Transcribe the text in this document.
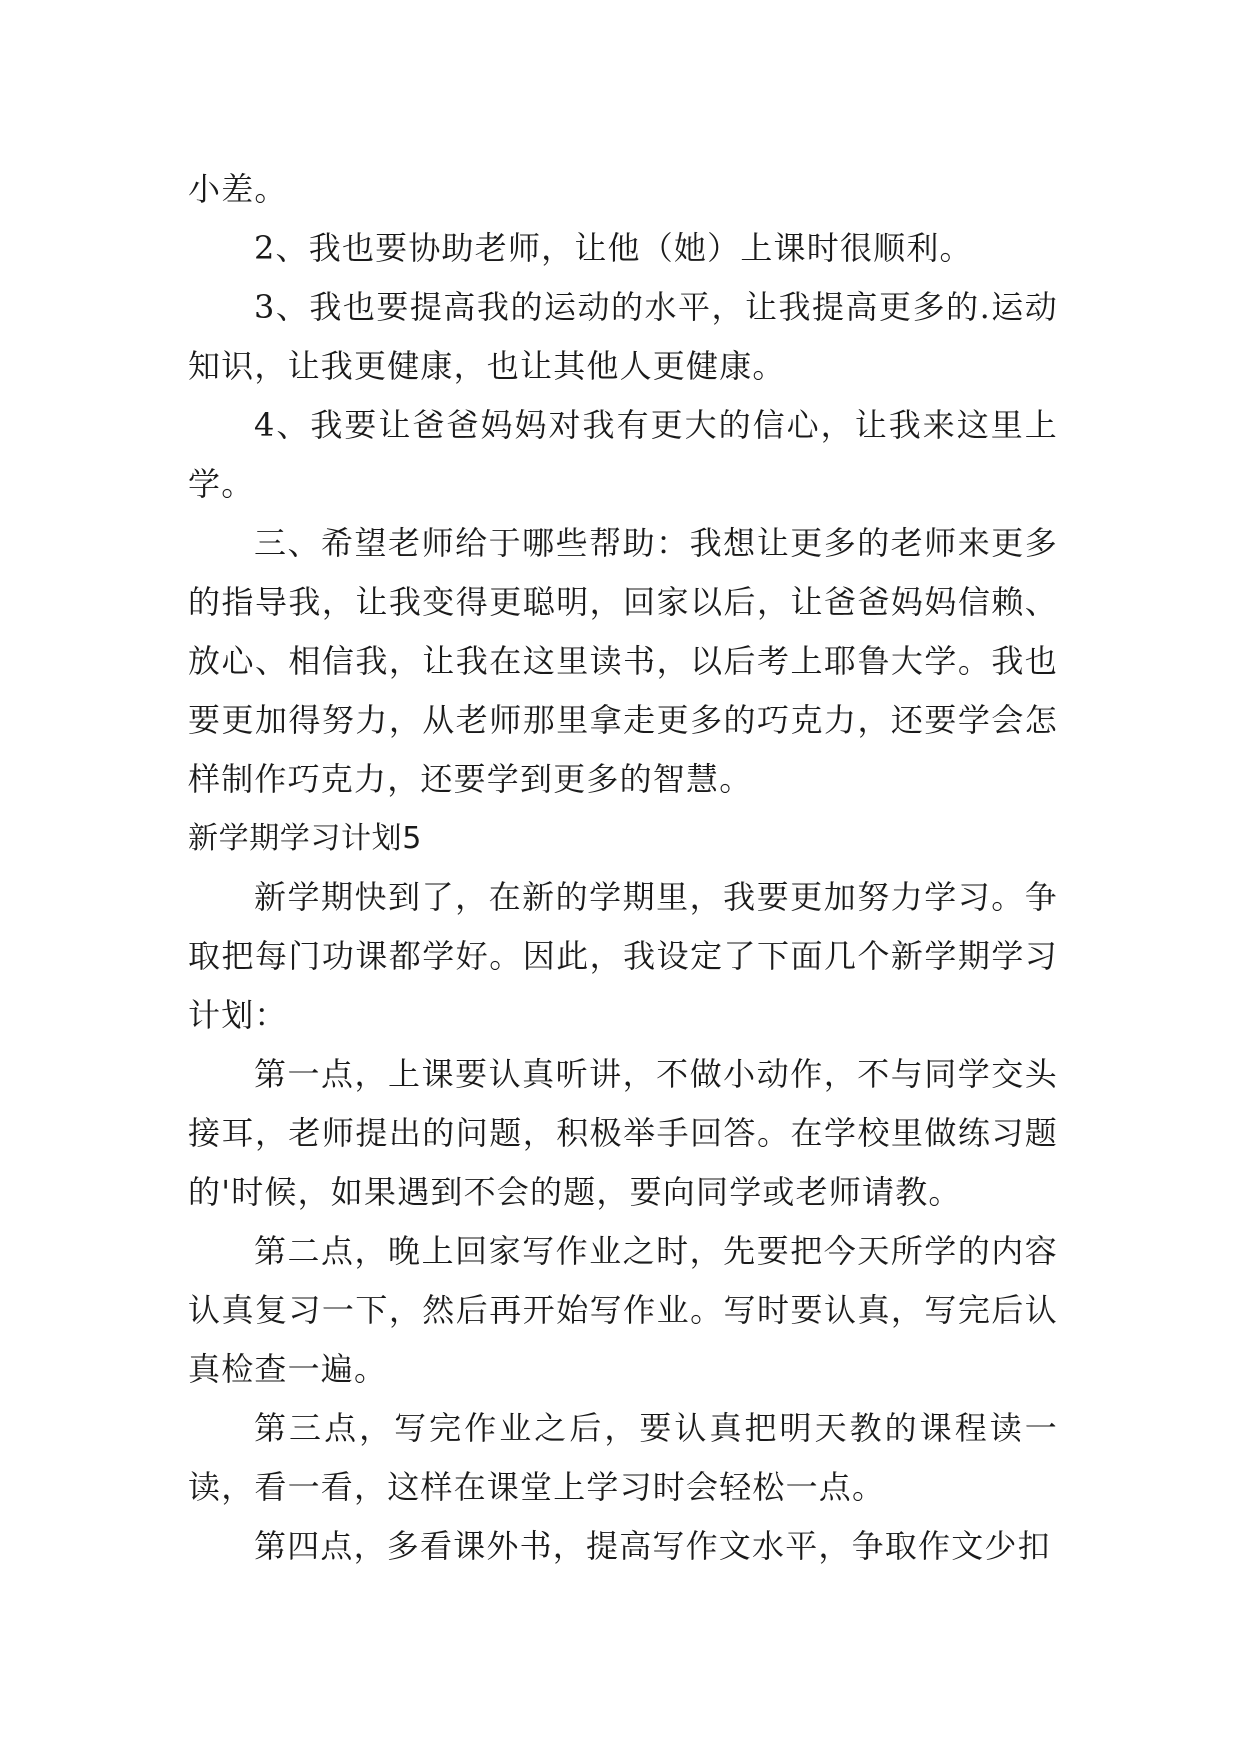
小差。

2、我也要协助老师，让他（她）上课时很顺利。

3、我也要提高我的运动的水平，让我提高更多的.运动知识，让我更健康，也让其他人更健康。

4、我要让爸爸妈妈对我有更大的信心，让我来这里上学。

三、希望老师给于哪些帮助：我想让更多的老师来更多的指导我，让我变得更聪明，回家以后，让爸爸妈妈信赖、放心、相信我，让我在这里读书，以后考上耶鲁大学。我也要更加得努力，从老师那里拿走更多的巧克力，还要学会怎样制作巧克力，还要学到更多的智慧。

新学期学习计划5

新学期快到了，在新的学期里，我要更加努力学习。争取把每门功课都学好。因此，我设定了下面几个新学期学习计划：

第一点，上课要认真听讲，不做小动作，不与同学交头接耳，老师提出的问题，积极举手回答。在学校里做练习题的'时候，如果遇到不会的题，要向同学或老师请教。

第二点，晚上回家写作业之时，先要把今天所学的内容认真复习一下，然后再开始写作业。写时要认真，写完后认真检查一遍。

第三点，写完作业之后，要认真把明天教的课程读一读，看一看，这样在课堂上学习时会轻松一点。

第四点，多看课外书，提高写作文水平，争取作文少扣
